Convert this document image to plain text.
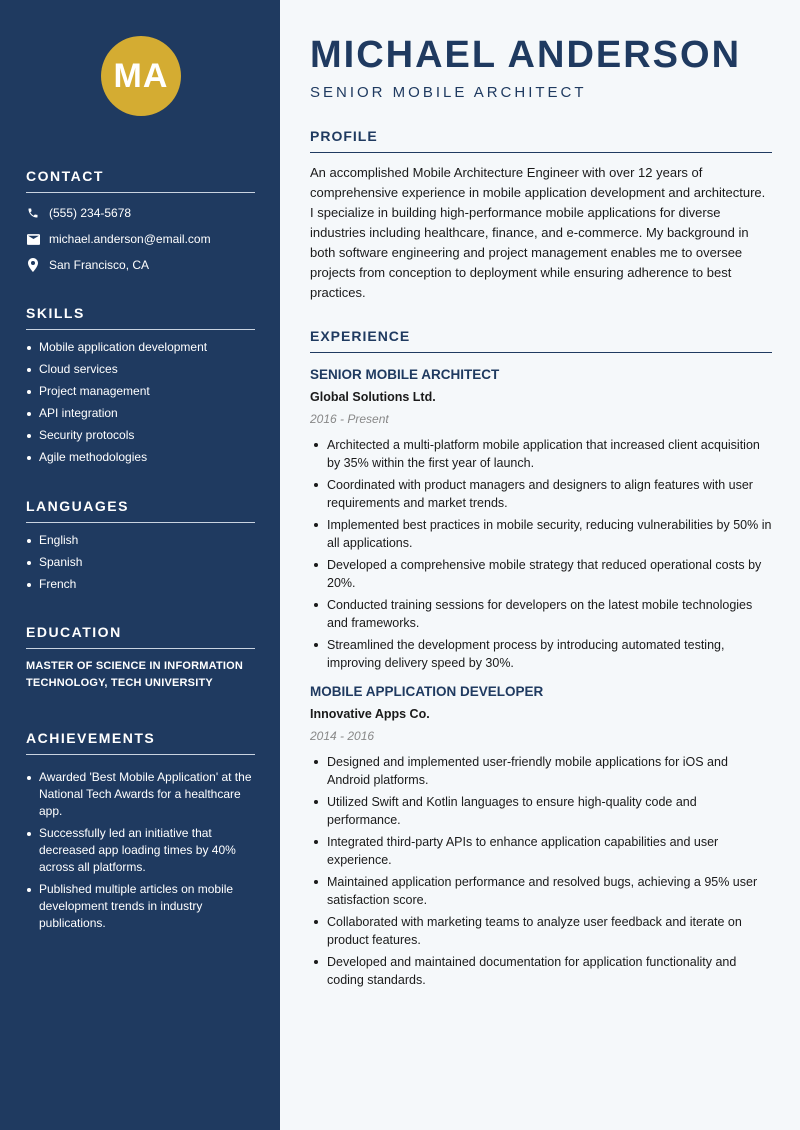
MA
CONTACT
(555) 234-5678
michael.anderson@email.com
San Francisco, CA
SKILLS
Mobile application development
Cloud services
Project management
API integration
Security protocols
Agile methodologies
LANGUAGES
English
Spanish
French
EDUCATION
MASTER OF SCIENCE IN INFORMATION TECHNOLOGY, TECH UNIVERSITY
ACHIEVEMENTS
Awarded 'Best Mobile Application' at the National Tech Awards for a healthcare app.
Successfully led an initiative that decreased app loading times by 40% across all platforms.
Published multiple articles on mobile development trends in industry publications.
MICHAEL ANDERSON
SENIOR MOBILE ARCHITECT
PROFILE

An accomplished Mobile Architecture Engineer with over 12 years of comprehensive experience in mobile application development and architecture. I specialize in building high-performance mobile applications for diverse industries including healthcare, finance, and e-commerce. My background in both software engineering and project management enables me to oversee projects from conception to deployment while ensuring adherence to best practices.

EXPERIENCE
SENIOR MOBILE ARCHITECT
Global Solutions Ltd.
2016 - Present
Architected a multi-platform mobile application that increased client acquisition by 35% within the first year of launch.
Coordinated with product managers and designers to align features with user requirements and market trends.
Implemented best practices in mobile security, reducing vulnerabilities by 50% in all applications.
Developed a comprehensive mobile strategy that reduced operational costs by 20%.
Conducted training sessions for developers on the latest mobile technologies and frameworks.
Streamlined the development process by introducing automated testing, improving delivery speed by 30%.
MOBILE APPLICATION DEVELOPER
Innovative Apps Co.
2014 - 2016
Designed and implemented user-friendly mobile applications for iOS and Android platforms.
Utilized Swift and Kotlin languages to ensure high-quality code and performance.
Integrated third-party APIs to enhance application capabilities and user experience.
Maintained application performance and resolved bugs, achieving a 95% user satisfaction score.
Collaborated with marketing teams to analyze user feedback and iterate on product features.
Developed and maintained documentation for application functionality and coding standards.
